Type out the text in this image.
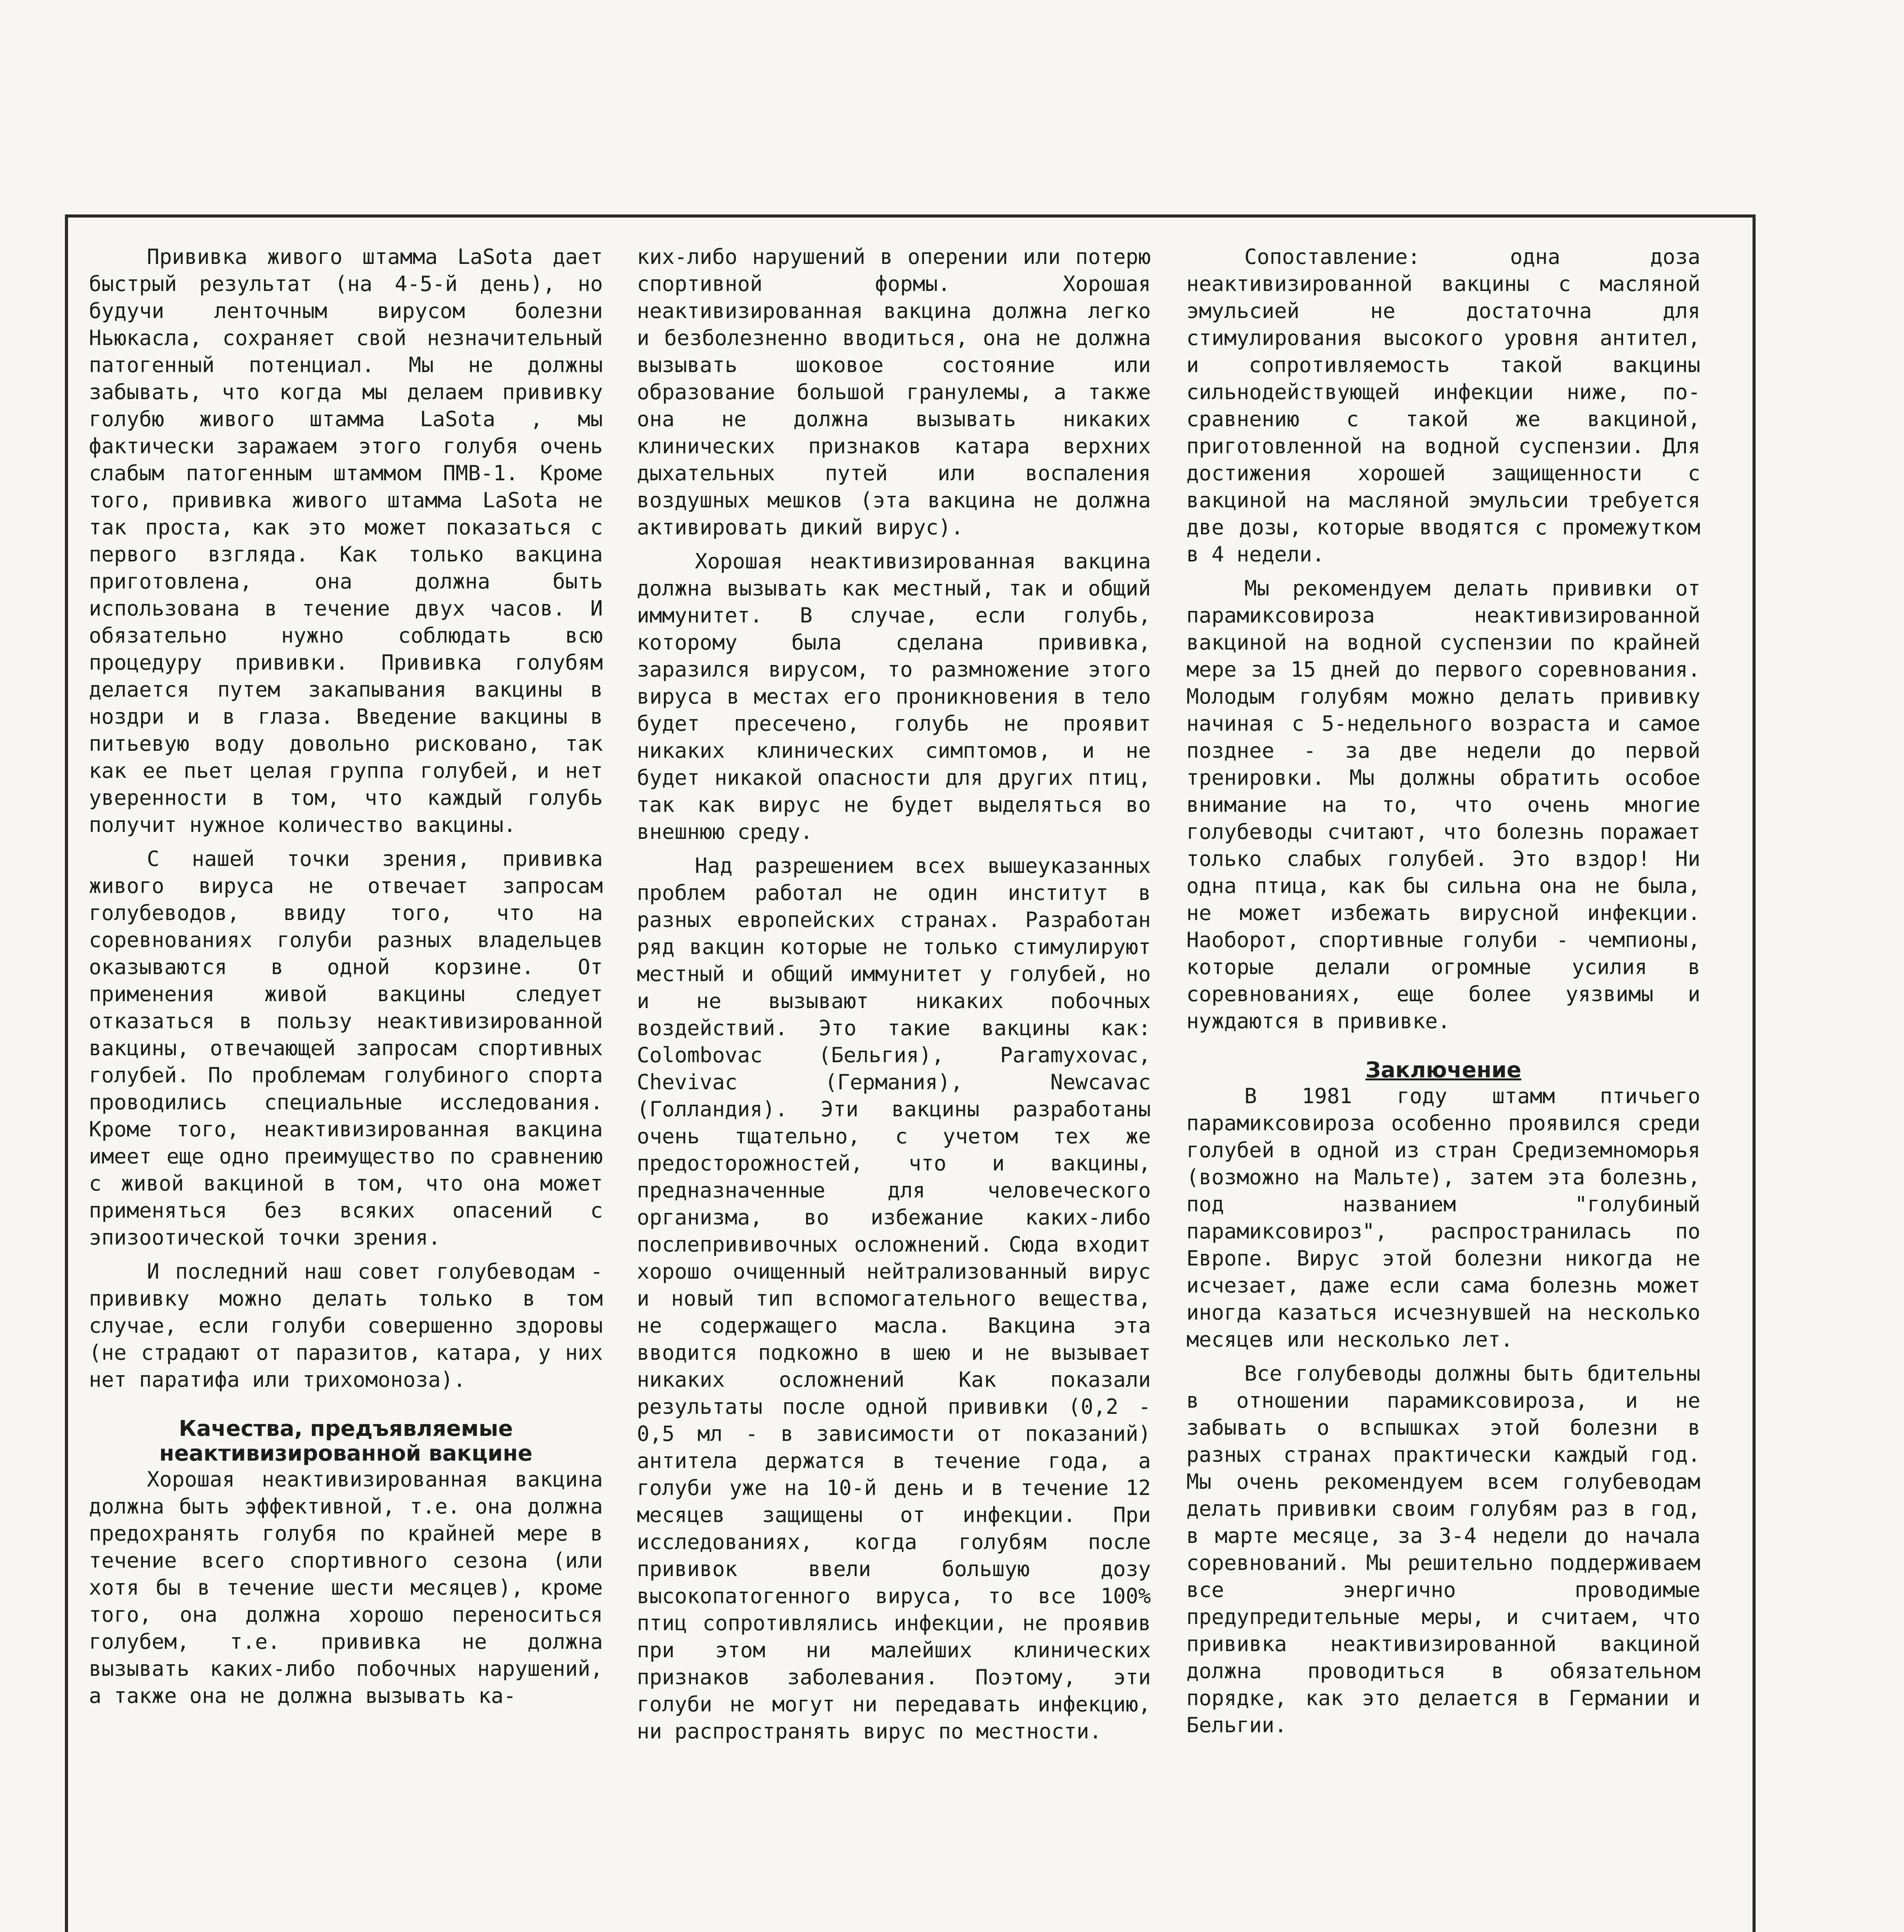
Прививка живого штамма LaSota дает быстрый результат (на 4-5-й день), но будучи лентoчным вирусом болезни Ньюкасла, сохраняет свой незначительный патогенный потенциал. Мы не должны забывать, что когда мы делаем прививку голубю живого штамма LaSota , мы фактически заражаем этого голубя очень слабым патогенным штаммом ПМВ-1. Кроме того, прививка живого штамма LaSota не так проста, как это может показаться с первого взгляда. Как только вакцина приготовлена, она должна быть использована в течение двух часов. И обязательно нужно соблюдать всю процедуру прививки. Прививка голубям делается путем закапывания вакцины в ноздри и в глаза. Введение вакцины в питьевую воду довольно рисковано, так как ее пьет целая группа голубей, и нет уверенности в том, что каждый голубь получит нужное количество вакцины.

С нашей точки зрения, прививка живого вируса не отвечает запросам голубеводов, ввиду того, что на соревнованиях голуби разных владельцев оказываются в одной корзине. От применения живой вакцины следует отказаться в пользу неактивизированной вакцины, отвечающей запросам спортивных голубей. По проблемам голубиного спорта проводились специальные исследования. Кроме того, неактивизированная вакцина имеет еще одно преимущество по сравнению с живой вакциной в том, что она может применяться без всяких опасений с эпизоотической точки зрения.

И последний наш совет голубеводам - прививку можно делать только в том случае, если голуби совершенно здоровы (не страдают от паразитов, катара, у них нет паратифа или трихомоноза).

Качества, предъявляемые неактивизированной вакцине

Хорошая неактивизированная вакцина должна быть эффективной, т.е. она должна предохранять голубя по крайней мере в течение всего спортивного сезона (или хотя бы в течение шести месяцев), кроме того, она должна хорошо переноситься голубем, т.е. прививка не должна вызывать каких-либо побочных нарушений, а также она не должна вызывать ка-

ких-либо нарушений в оперении или потерю спортивной формы. Хорошая неактивизированная вакцина должна легко и безболезненно вводиться, она не должна вызывать шоковое состояние или образование большой гранулемы, а также она не должна вызывать никаких клинических признаков катара верхних дыхательных путей или воспаления воздушных мешков (эта вакцина не должна активировать дикий вирус).

Хорошая неактивизированная вакцина должна вызывать как местный, так и общий иммунитет. В случае, если голубь, которому была сделана прививка, заразился вирусом, то размножение этого вируса в местах его проникновения в тело будет пресечено, голубь не проявит никаких клинических симптомов, и не будет никакой опасности для других птиц, так как вирус не будет выделяться во внешнюю среду.

Над разрешением всех вышеуказанных проблем работал не один институт в разных европейских странах. Разработан ряд вакцин которые не только стимулируют местный и общий иммунитет у голубей, но и не вызывают никаких побочных воздействий. Это такие вакцины как: Colombovac (Бельгия), Paramyxovac, Chevivac (Германия), Newcavac (Голландия). Эти вакцины разработаны очень тщательно, с учетом тех же предосторожностей, что и вакцины, предназначенные для человеческого организма, во избежание каких-либо послепрививочных осложнений. Сюда входит хорошо очищенный нейтрализованный вирус и новый тип вспомогательного вещества, не содержащего масла. Вакцина эта вводится подкожно в шею и не вызывает никаких осложнений Как показали результаты после одной прививки (0,2 - 0,5 мл - в зависимости от показаний) антитела держатся в течение года, а голуби уже на 10-й день и в течение 12 месяцев защищены от инфекции. При исследованиях, когда голубям после прививок ввели большую дозу высокопатогенного вируса, то все 100% птиц сопротивлялись инфекции, не проявив при этом ни малейших клинических признаков заболевания. Поэтому, эти голуби не могут ни передавать инфекцию, ни распространять вирус по местности.

Сопоставление: одна доза неактивизированной вакцины с масляной эмульсией не достаточна для стимулирования высокого уровня антител, и сопротивляемость такой вакцины сильнодействующей инфекции ниже, по-сравнению с такой же вакциной, приготовленной на водной суспензии. Для достижения хорошей защищенности с вакциной на масляной эмульсии требуется две дозы, которые вводятся с промежутком в 4 недели.

Мы рекомендуем делать прививки от парамиксовироза неактивизированной вакциной на водной суспензии по крайней мере за 15 дней до первого соревнования. Молодым голубям можно делать прививку начиная с 5-недельного возраста и самое позднее - за две недели до первой тренировки. Мы должны обратить особое внимание на то, что очень многие голубеводы считают, что болезнь поражает только слабых голубей. Это вздор! Ни одна птица, как бы сильна она не была, не может избежать вирусной инфекции. Наоборот, спортивные голуби - чемпионы, которые делали огромные усилия в соревнованиях, еще более уязвимы и нуждаются в прививке.

Заключение

В 1981 году штамм птичьего парамиксовироза особенно проявился среди голубей в одной из стран Средиземноморья (возможно на Мальте), затем эта болезнь, под названием "голубиный парамиксовироз", распространилась по Европе. Вирус этой болезни никогда не исчезает, даже если сама болезнь может иногда казаться исчезнувшей на несколько месяцев или несколько лет.

Все голубеводы должны быть бдительны в отношении парамиксовироза, и не забывать о вспышках этой болезни в разных странах практически каждый год. Мы очень рекомендуем всем голубеводам делать прививки своим голубям раз в год, в марте месяце, за 3-4 недели до начала соревнований. Мы решительно поддерживаем все энергично проводимые предупредительные меры, и считаем, что прививка неактивизированной вакциной должна проводиться в обязательном порядке, как это делается в Германии и Бельгии.
